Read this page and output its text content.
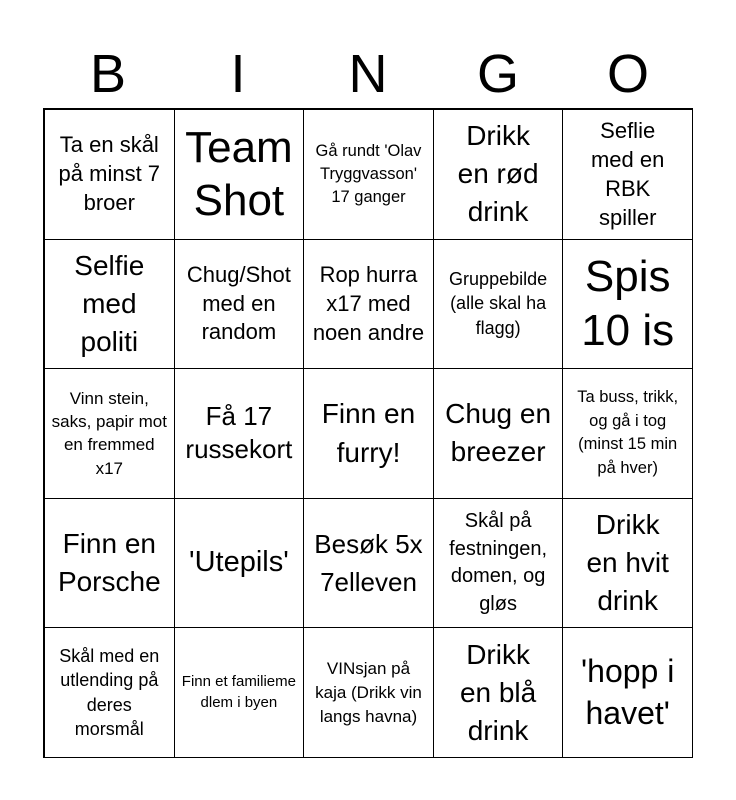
B	I	N	G	O
Ta en skål på minst 7 broer
Team Shot
Gå rundt 'Olav Tryggvasson' 17 ganger
Drikk en rød drink
Seflie med en RBK spiller
Selfie med politi
Chug/Shot med en random
Rop hurra x17 med noen andre
Gruppebilde (alle skal ha flagg)
Spis 10 is
Vinn stein, saks, papir mot en fremmed x17
Få 17 russekort
Finn en furry!
Chug en breezer
Ta buss, trikk, og gå i tog (minst 15 min på hver)
Finn en Porsche
'Utepils'
Besøk 5x 7elleven
Skål på festningen, domen, og gløs
Drikk en hvit drink
Skål med en utlending på deres morsmål
Finn et familiemedlem i byen
VINsjan på kaja (Drikk vin langs havna)
Drikk en blå drink
'hopp i havet'
